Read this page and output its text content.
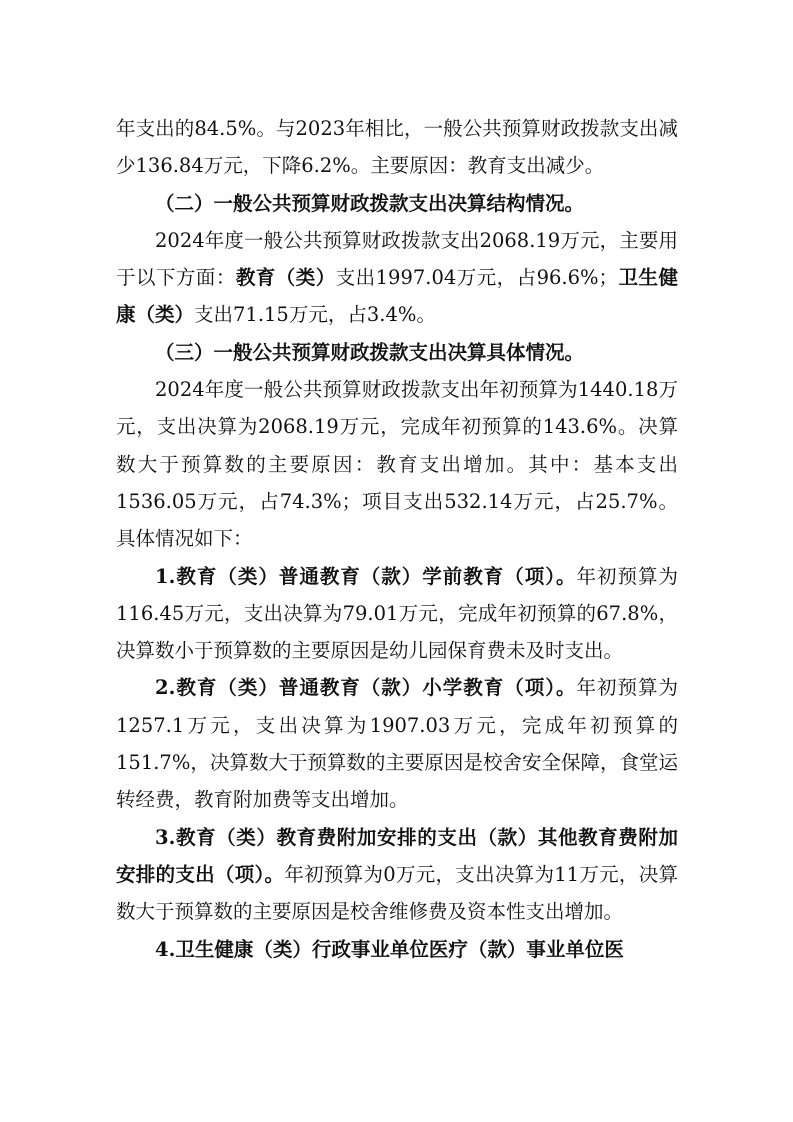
年支出的84.5%。与2023年相比，一般公共预算财政拨款支出减少136.84万元，下降6.2%。主要原因：教育支出减少。

（二）一般公共预算财政拨款支出决算结构情况。

2024年度一般公共预算财政拨款支出2068.19万元，主要用于以下方面：教育（类）支出1997.04万元，占96.6%；卫生健康（类）支出71.15万元，占3.4%。

（三）一般公共预算财政拨款支出决算具体情况。

2024年度一般公共预算财政拨款支出年初预算为1440.18万元，支出决算为2068.19万元，完成年初预算的143.6%。决算数大于预算数的主要原因：教育支出增加。其中：基本支出1536.05万元，占74.3%；项目支出532.14万元，占25.7%。具体情况如下：

1.教育（类）普通教育（款）学前教育（项）。年初预算为116.45万元，支出决算为79.01万元，完成年初预算的67.8%，决算数小于预算数的主要原因是幼儿园保育费未及时支出。

2.教育（类）普通教育（款）小学教育（项）。年初预算为1257.1万元，支出决算为1907.03万元，完成年初预算的151.7%，决算数大于预算数的主要原因是校舍安全保障，食堂运转经费，教育附加费等支出增加。

3.教育（类）教育费附加安排的支出（款）其他教育费附加安排的支出（项）。年初预算为0万元，支出决算为11万元，决算数大于预算数的主要原因是校舍维修费及资本性支出增加。

4.卫生健康（类）行政事业单位医疗（款）事业单位医
